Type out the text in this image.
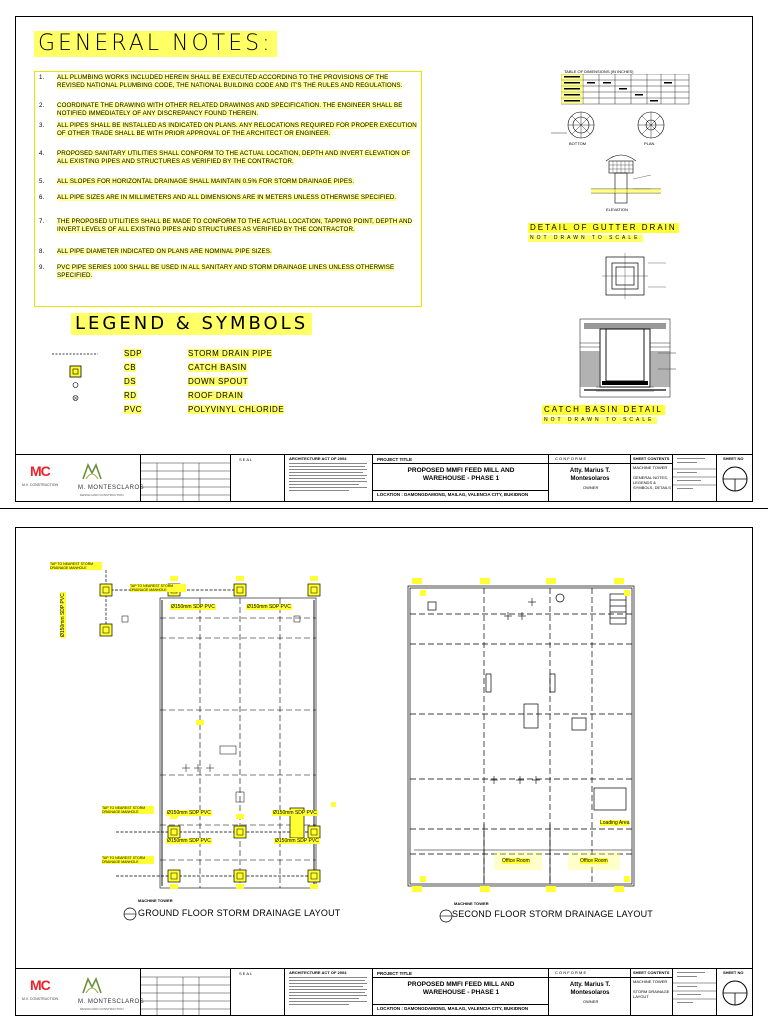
GENERAL NOTES:
1. ALL PLUMBING WORKS INCLUDED HEREIN SHALL BE EXECUTED ACCORDING TO THE PROVISIONS OF THE REVISED NATIONAL PLUMBING CODE, THE NATIONAL BUILDING CODE AND IT'S THE RULES AND REGULATIONS.
2. COORDINATE THE DRAWING WITH OTHER RELATED DRAWINGS AND SPECIFICATION. THE ENGINEER SHALL BE NOTIFIED IMMEDIATELY OF ANY DISCREPANCY FOUND THEREIN.
3. ALL PIPES SHALL BE INSTALLED AS INDICATED ON PLANS. ANY RELOCATIONS REQUIRED FOR PROPER EXECUTION OF OTHER TRADE SHALL BE WITH PRIOR APPROVAL OF THE ARCHITECT OR ENGINEER.
4. PROPOSED SANITARY UTILITIES SHALL CONFORM TO THE ACTUAL LOCATION, DEPTH AND INVERT ELEVATION OF ALL EXISTING PIPES AND STRUCTURES AS VERIFIED BY THE CONTRACTOR.
5. ALL SLOPES FOR HORIZONTAL DRAINAGE SHALL MAINTAIN 0.5% FOR STORM DRAINAGE PIPES.
6. ALL PIPE SIZES ARE IN MILLIMETERS AND ALL DIMENSIONS ARE IN METERS UNLESS OTHERWISE SPECIFIED.
7. THE PROPOSED UTILITIES SHALL BE MADE TO CONFORM TO THE ACTUAL LOCATION, TAPPING POINT, DEPTH AND INVERT LEVELS OF ALL EXISTING PIPES AND STRUCTURES AS VERIFIED BY THE CONTRACTOR.
8. ALL PIPE DIAMETER INDICATED ON PLANS ARE NOMINAL PIPE SIZES.
9. PVC PIPE SERIES 1000 SHALL BE USED IN ALL SANITARY AND STORM DRAINAGE LINES UNLESS OTHERWISE SPECIFIED.
LEGEND & SYMBOLS
SDP	STORM DRAIN PIPE
CB	CATCH BASIN
DS	DOWN SPOUT
RD	ROOF DRAIN
PVC	POLYVINYL CHLORIDE
TABLE OF DIMENSIONS (IN INCHES)
BOTTOM	PLAN
ELEVATION
DETAIL OF GUTTER DRAIN
NOT DRAWN TO SCALE
CATCH BASIN DETAIL
NOT DRAWN TO SCALE
MC
M.V. CONSTRUCTION	M. MONTESCLAROS
DESIGN AND CONSTRUCTION
S E A L	ARCHITECTURE ACT OF 2004	PROJECT TITLE
PROPOSED MMFI FEED MILL AND WAREHOUSE - PHASE 1
LOCATION : DAMONGDAMONG, MAILAG, VALENCIA CITY, BUKIDNON
C O N F O R M E
Atty. Marius T. Montesolaros
OWNER
SHEET CONTENTS
MACHINE TOWER
GENERAL NOTES, LEGENDS & SYMBOLS, DETAILS
SHEET NO
TAP TO NEAREST STORM DRAINAGE MANHOLE
TAP TO NEAREST STORM DRAINAGE MANHOLE
TAP TO NEAREST STORM DRAINAGE MANHOLE
TAP TO NEAREST STORM DRAINAGE MANHOLE
Ø150mm SDP PVC	Ø150mm SDP PVC	Ø150mm SDP PVC
Ø150mm SDP PVC	Ø150mm SDP PVC
Ø150mm SDP PVC	Ø150mm SDP PVC
MACHINE TOWER
GROUND FLOOR STORM DRAINAGE LAYOUT
Office Room	Office Room
Loading Area
MACHINE TOWER
SECOND FLOOR STORM DRAINAGE LAYOUT
MC
M.V. CONSTRUCTION	M. MONTESCLAROS
DESIGN AND CONSTRUCTION
S E A L	ARCHITECTURE ACT OF 2004	PROJECT TITLE
PROPOSED MMFI FEED MILL AND WAREHOUSE - PHASE 1
LOCATION : DAMONGDAMONG, MAILAG, VALENCIA CITY, BUKIDNON
C O N F O R M E
Atty. Marius T. Montesolaros
OWNER
SHEET CONTENTS
MACHINE TOWER
STORM DRAINAGE LAYOUT
SHEET NO
